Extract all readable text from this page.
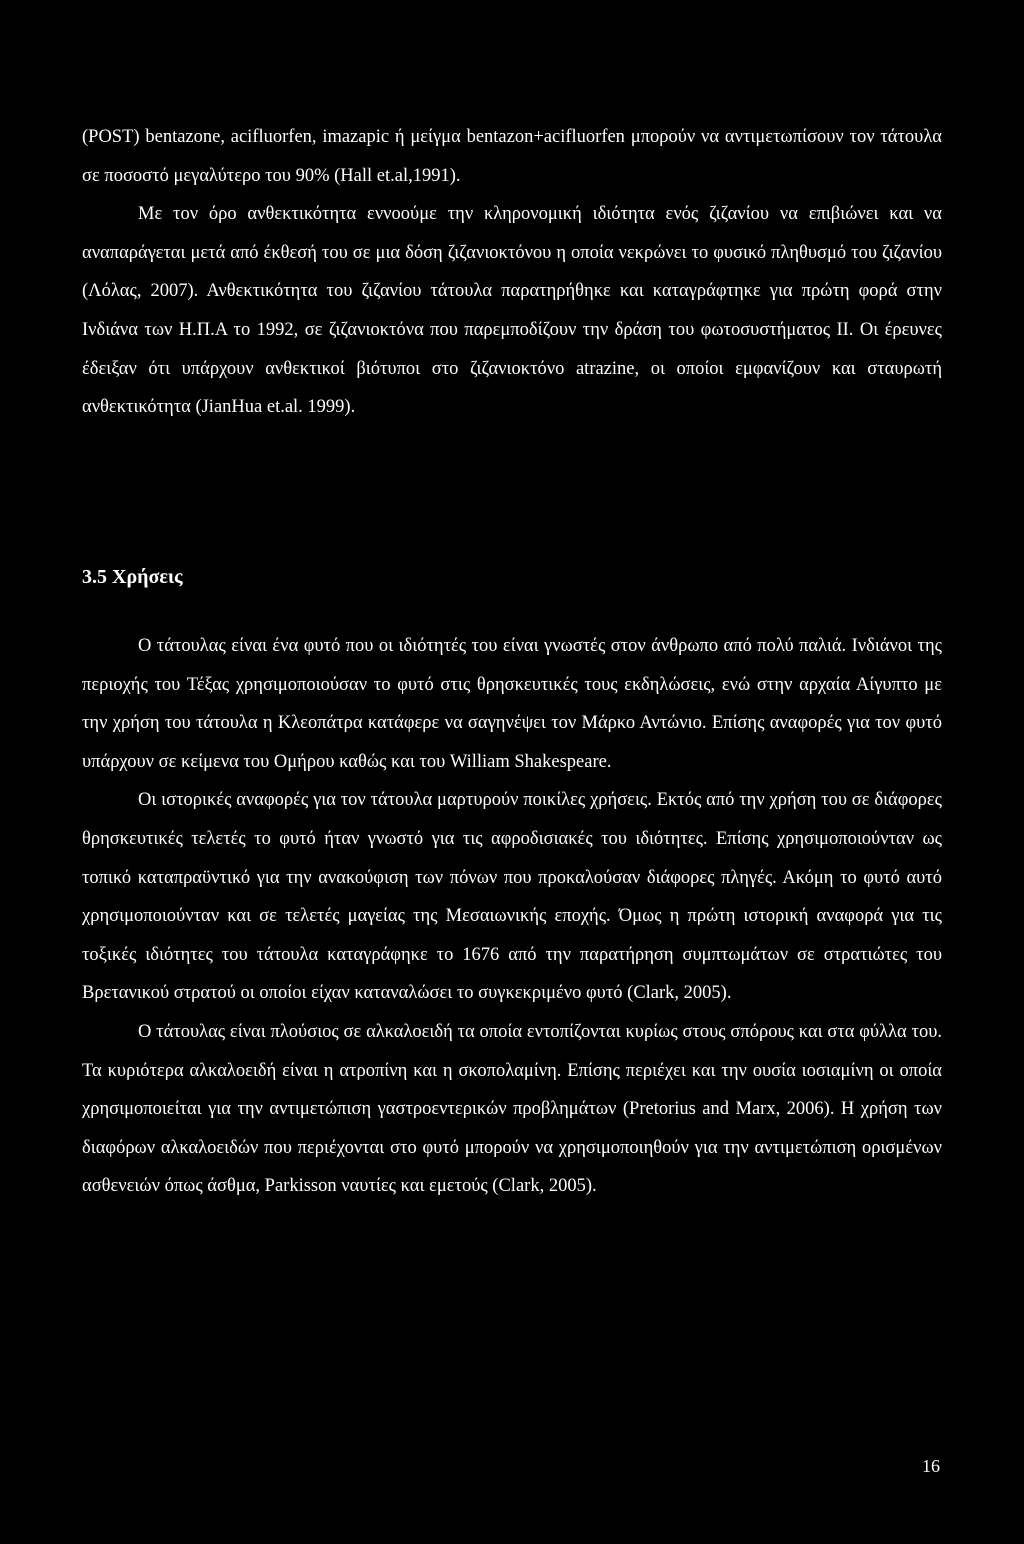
(POST) bentazone, acifluorfen, imazapic ή μείγμα bentazon+acifluorfen μπορούν να αντιμετωπίσουν τον τάτουλα σε ποσοστό μεγαλύτερο του 90% (Hall et.al,1991).

Με τον όρο ανθεκτικότητα εννοούμε την κληρονομική ιδιότητα ενός ζιζανίου να επιβιώνει και να αναπαράγεται μετά από έκθεσή του σε μια δόση ζιζανιοκτόνου η οποία νεκρώνει το φυσικό πληθυσμό του ζιζανίου (Λόλας, 2007). Ανθεκτικότητα του ζιζανίου τάτουλα παρατηρήθηκε και καταγράφτηκε για πρώτη φορά στην Ινδιάνα των Η.Π.Α το 1992, σε ζιζανιοκτόνα που παρεμποδίζουν την δράση του φωτοσυστήματος ΙΙ. Οι έρευνες έδειξαν ότι υπάρχουν ανθεκτικοί βιότυποι στο ζιζανιοκτόνο atrazine, οι οποίοι εμφανίζουν και σταυρωτή ανθεκτικότητα (JianHua et.al. 1999).

3.5 Χρήσεις

Ο τάτουλας είναι ένα φυτό που οι ιδιότητές του είναι γνωστές στον άνθρωπο από πολύ παλιά. Ινδιάνοι της περιοχής του Τέξας χρησιμοποιούσαν το φυτό στις θρησκευτικές τους εκδηλώσεις, ενώ στην αρχαία Αίγυπτο με την χρήση του τάτουλα η Κλεοπάτρα κατάφερε να σαγηνέψει τον Μάρκο Αντώνιο. Επίσης αναφορές για τον φυτό υπάρχουν σε κείμενα του Ομήρου καθώς και του William Shakespeare.

Οι ιστορικές αναφορές για τον τάτουλα μαρτυρούν ποικίλες χρήσεις. Εκτός από την χρήση του σε διάφορες θρησκευτικές τελετές το φυτό ήταν γνωστό για τις αφροδισιακές του ιδιότητες. Επίσης χρησιμοποιούνταν ως τοπικό καταπραϋντικό για την ανακούφιση των πόνων που προκαλούσαν διάφορες πληγές. Ακόμη το φυτό αυτό χρησιμοποιούνταν και σε τελετές μαγείας της Μεσαιωνικής εποχής. Όμως η πρώτη ιστορική αναφορά για τις τοξικές ιδιότητες του τάτουλα καταγράφηκε το 1676 από την παρατήρηση συμπτωμάτων σε στρατιώτες του Βρετανικού στρατού οι οποίοι είχαν καταναλώσει το συγκεκριμένο φυτό (Clark, 2005).

Ο τάτουλας είναι πλούσιος σε αλκαλοειδή τα οποία εντοπίζονται κυρίως στους σπόρους και στα φύλλα του. Τα κυριότερα αλκαλοειδή είναι η ατροπίνη και η σκοπολαμίνη. Επίσης περιέχει και την ουσία ιοσιαμίνη οι οποία χρησιμοποιείται για την αντιμετώπιση γαστροεντερικών προβλημάτων (Pretorius and Marx, 2006). Η χρήση των διαφόρων αλκαλοειδών που περιέχονται στο φυτό μπορούν να χρησιμοποιηθούν για την αντιμετώπιση ορισμένων ασθενειών όπως άσθμα, Parkisson ναυτίες και εμετούς (Clark, 2005).

16
